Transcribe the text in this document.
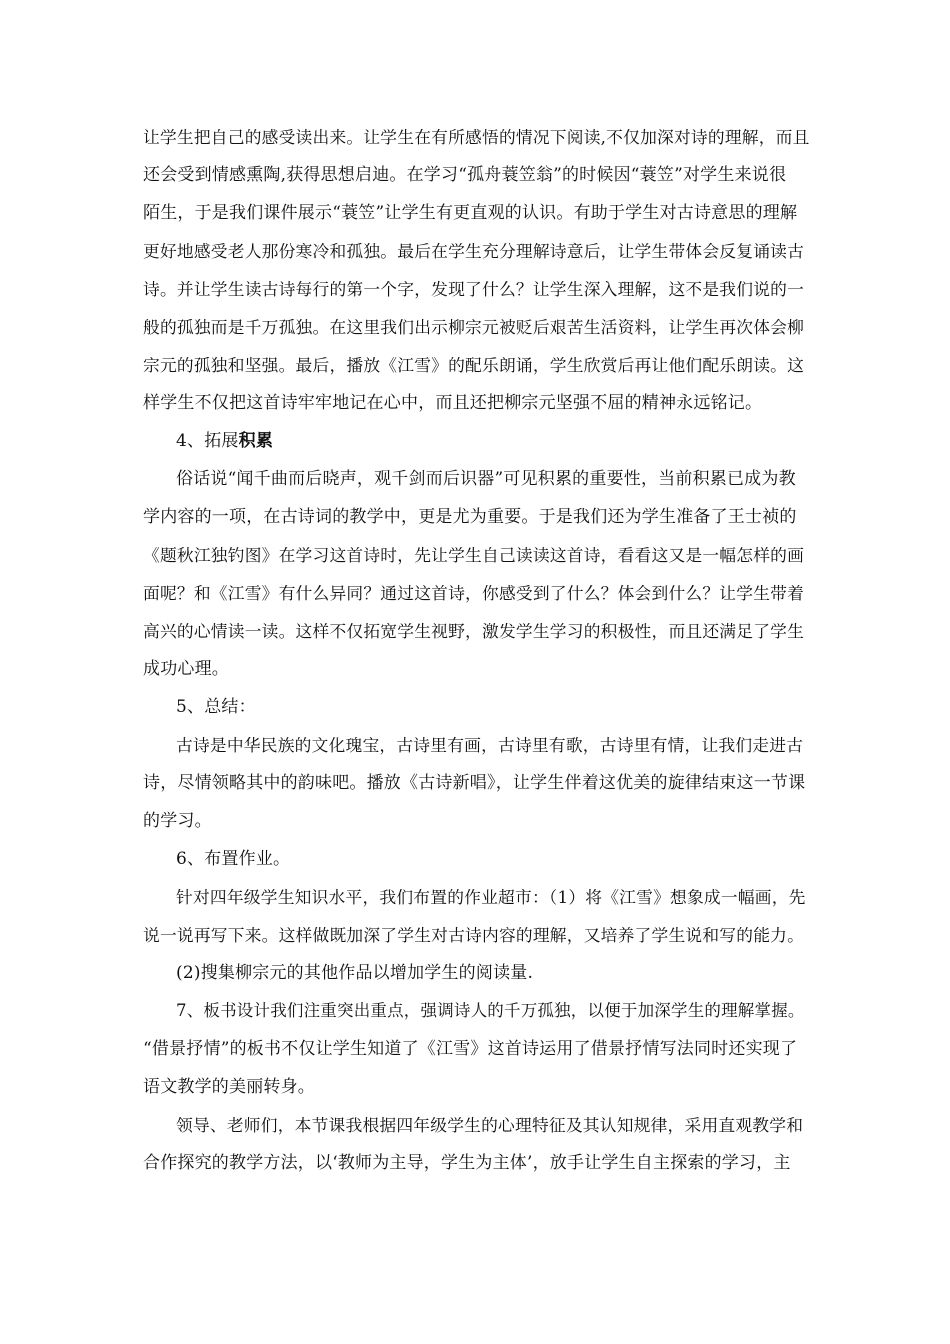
让学生把自己的感受读出来。让学生在有所感悟的情况下阅读,不仅加深对诗的理解，而且
还会受到情感熏陶,获得思想启迪。在学习“孤舟蓑笠翁”的时候因“蓑笠”对学生来说很
陌生，于是我们课件展示“蓑笠”让学生有更直观的认识。有助于学生对古诗意思的理解
更好地感受老人那份寒冷和孤独。最后在学生充分理解诗意后，让学生带体会反复诵读古
诗。并让学生读古诗每行的第一个字，发现了什么？让学生深入理解，这不是我们说的一
般的孤独而是千万孤独。在这里我们出示柳宗元被贬后艰苦生活资料，让学生再次体会柳
宗元的孤独和坚强。最后，播放《江雪》的配乐朗诵，学生欣赏后再让他们配乐朗读。这
样学生不仅把这首诗牢牢地记在心中，而且还把柳宗元坚强不屈的精神永远铭记。
4、拓展积累
俗话说“闻千曲而后晓声，观千剑而后识器”可见积累的重要性，当前积累已成为教
学内容的一项，在古诗词的教学中，更是尤为重要。于是我们还为学生准备了王士祯的
《题秋江独钓图》在学习这首诗时，先让学生自己读读这首诗，看看这又是一幅怎样的画
面呢？和《江雪》有什么异同？通过这首诗，你感受到了什么？体会到什么？让学生带着
高兴的心情读一读。这样不仅拓宽学生视野，激发学生学习的积极性，而且还满足了学生
成功心理。
5、总结：
古诗是中华民族的文化瑰宝，古诗里有画，古诗里有歌，古诗里有情，让我们走进古
诗，尽情领略其中的韵味吧。播放《古诗新唱》，让学生伴着这优美的旋律结束这一节课
的学习。
6、布置作业。
针对四年级学生知识水平，我们布置的作业超市：（1）将《江雪》想象成一幅画，先
说一说再写下来。这样做既加深了学生对古诗内容的理解，又培养了学生说和写的能力。
(2)搜集柳宗元的其他作品以增加学生的阅读量.
7、板书设计我们注重突出重点，强调诗人的千万孤独，以便于加深学生的理解掌握。
“借景抒情”的板书不仅让学生知道了《江雪》这首诗运用了借景抒情写法同时还实现了
语文教学的美丽转身。
领导、老师们，本节课我根据四年级学生的心理特征及其认知规律，采用直观教学和
合作探究的教学方法，以‘教师为主导，学生为主体’，放手让学生自主探索的学习，主
